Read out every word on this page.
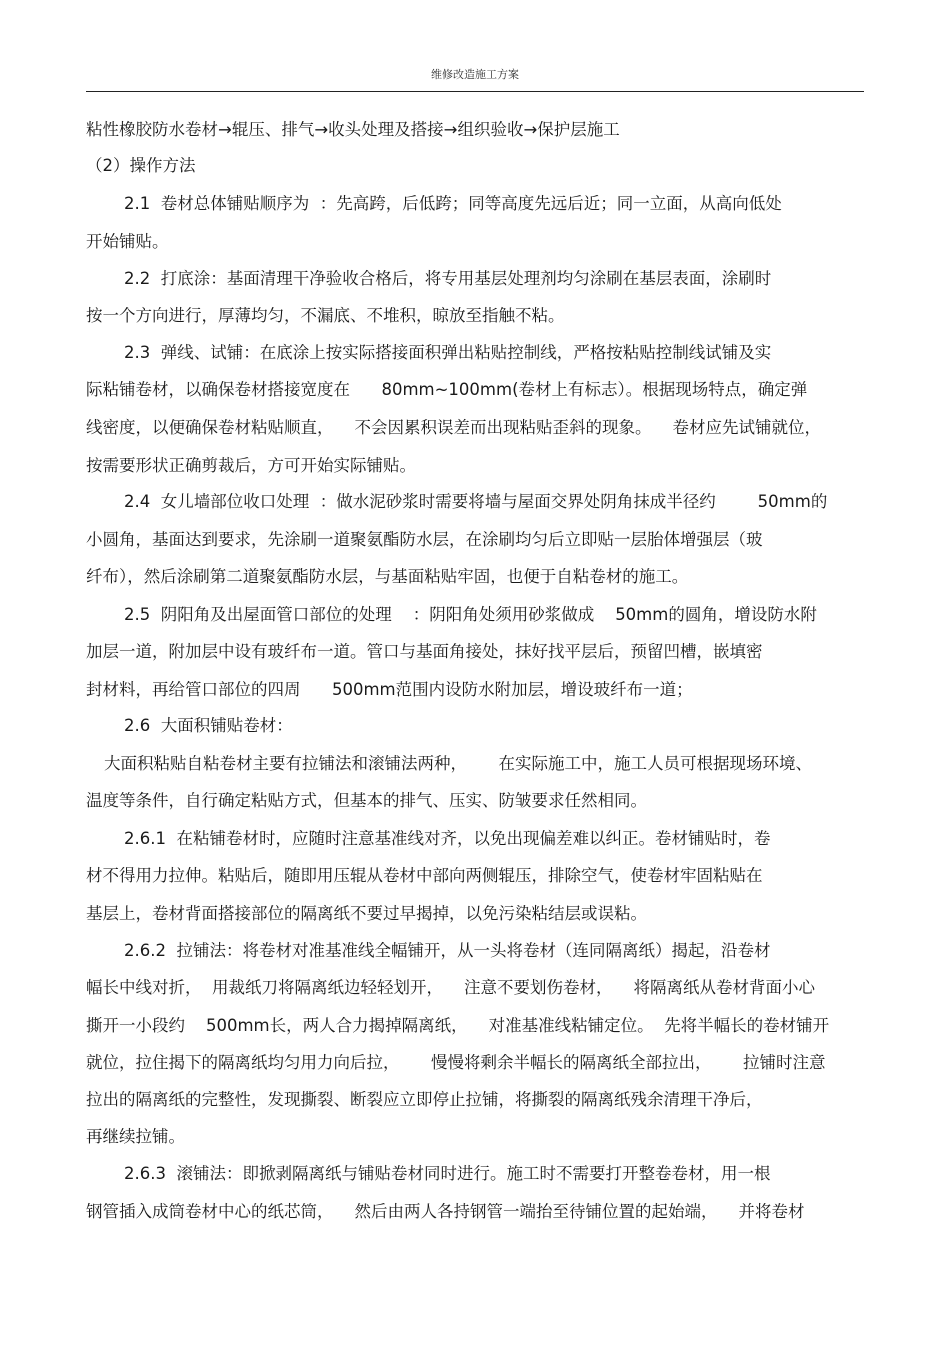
维修改造施工方案
粘性橡胶防水卷材→辊压、排气→收头处理及搭接→组织验收→保护层施工
（2）操作方法
2.1  卷材总体铺贴顺序为  ：先高跨，后低跨；同等高度先远后近；同一立面，从高向低处
开始铺贴。
2.2  打底涂：基面清理干净验收合格后，将专用基层处理剂均匀涂刷在基层表面，涂刷时
按一个方向进行，厚薄均匀，不漏底、不堆积，晾放至指触不粘。
2.3  弹线、试铺：在底涂上按实际搭接面积弹出粘贴控制线，严格按粘贴控制线试铺及实
际粘铺卷材，以确保卷材搭接宽度在      80mm~100mm(卷材上有标志）。根据现场特点，确定弹
线密度，以便确保卷材粘贴顺直，    不会因累积误差而出现粘贴歪斜的现象。    卷材应先试铺就位，
按需要形状正确剪裁后，方可开始实际铺贴。
2.4  女儿墙部位收口处理  ：做水泥砂浆时需要将墙与屋面交界处阴角抹成半径约        50mm的
小圆角，基面达到要求，先涂刷一道聚氨酯防水层，在涂刷均匀后立即贴一层胎体增强层（玻
纤布），然后涂刷第二道聚氨酯防水层，与基面粘贴牢固，也便于自粘卷材的施工。
2.5  阴阳角及出屋面管口部位的处理    ：阴阳角处须用砂浆做成    50mm的圆角，增设防水附
加层一道，附加层中设有玻纤布一道。管口与基面角接处，抹好找平层后，预留凹槽，嵌填密
封材料，再给管口部位的四周      500mm范围内设防水附加层，增设玻纤布一道；
2.6  大面积铺贴卷材：
大面积粘贴自粘卷材主要有拉铺法和滚铺法两种，      在实际施工中，施工人员可根据现场环境、
温度等条件，自行确定粘贴方式，但基本的排气、压实、防皱要求任然相同。
2.6.1  在粘铺卷材时，应随时注意基准线对齐，以免出现偏差难以纠正。卷材铺贴时，卷
材不得用力拉伸。粘贴后，随即用压辊从卷材中部向两侧辊压，排除空气，使卷材牢固粘贴在
基层上，卷材背面搭接部位的隔离纸不要过早揭掉，以免污染粘结层或误粘。
2.6.2  拉铺法：将卷材对准基准线全幅铺开，从一头将卷材（连同隔离纸）揭起，沿卷材
幅长中线对折，  用裁纸刀将隔离纸边轻轻划开，    注意不要划伤卷材，    将隔离纸从卷材背面小心
撕开一小段约    500mm长，两人合力揭掉隔离纸，    对准基准线粘铺定位。  先将半幅长的卷材铺开
就位，拉住揭下的隔离纸均匀用力向后拉，      慢慢将剩余半幅长的隔离纸全部拉出，      拉铺时注意
拉出的隔离纸的完整性，发现撕裂、断裂应立即停止拉铺，将撕裂的隔离纸残余清理干净后，
再继续拉铺。
2.6.3  滚铺法：即掀剥隔离纸与铺贴卷材同时进行。施工时不需要打开整卷卷材，用一根
钢管插入成筒卷材中心的纸芯筒，    然后由两人各持钢管一端抬至待铺位置的起始端，    并将卷材
